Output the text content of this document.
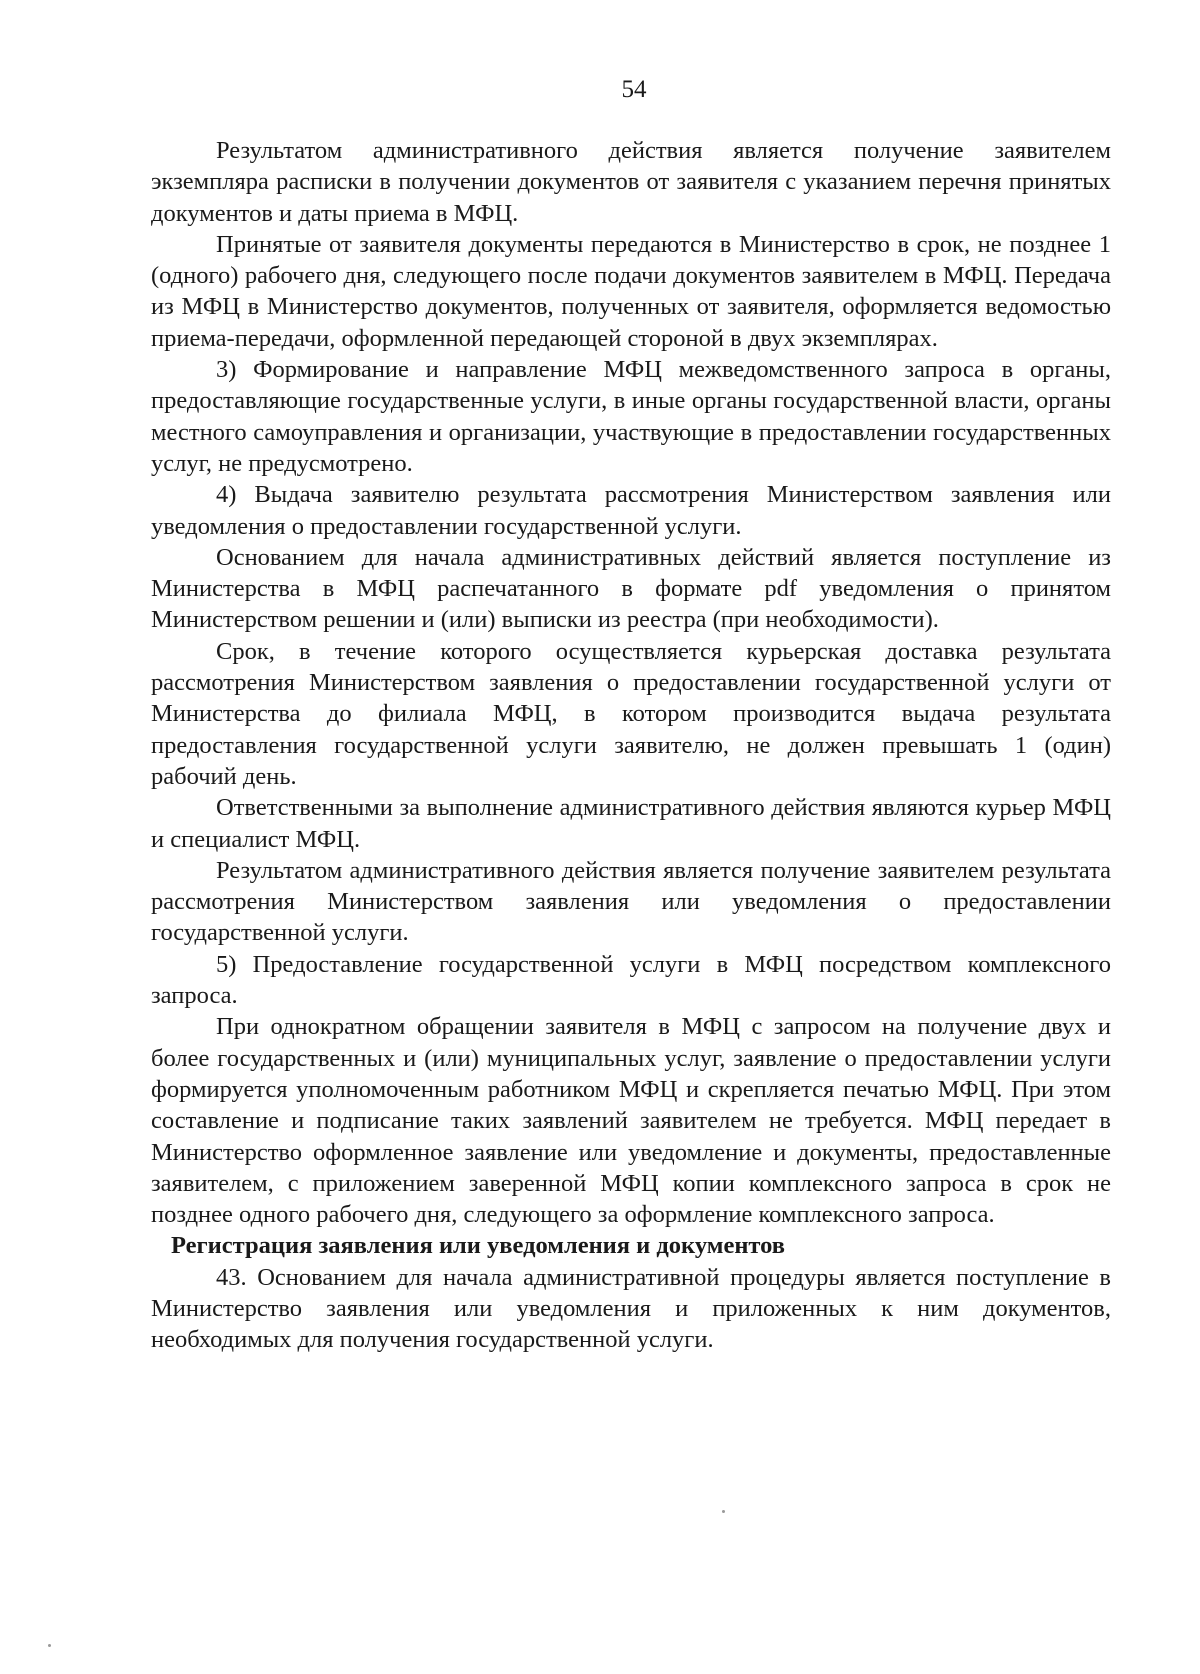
54

Результатом административного действия является получение заявителем экземпляра расписки в получении документов от заявителя с указанием перечня принятых документов и даты приема в МФЦ.

Принятые от заявителя документы передаются в Министерство в срок, не позднее 1 (одного) рабочего дня, следующего после подачи документов заявителем в МФЦ. Передача из МФЦ в Министерство документов, полученных от заявителя, оформляется ведомостью приема-передачи, оформленной передающей стороной в двух экземплярах.

3) Формирование и направление МФЦ межведомственного запроса в органы, предоставляющие государственные услуги, в иные органы государственной власти, органы местного самоуправления и организации, участвующие в предоставлении государственных услуг, не предусмотрено.

4) Выдача заявителю результата рассмотрения Министерством заявления или уведомления о предоставлении государственной услуги.

Основанием для начала административных действий является поступление из Министерства в МФЦ распечатанного в формате pdf уведомления о принятом Министерством решении и (или) выписки из реестра (при необходимости).

Срок, в течение которого осуществляется курьерская доставка результата рассмотрения Министерством заявления о предоставлении государственной услуги от Министерства до филиала МФЦ, в котором производится выдача результата предоставления государственной услуги заявителю, не должен превышать 1 (один) рабочий день.

Ответственными за выполнение административного действия являются курьер МФЦ и специалист МФЦ.

Результатом административного действия является получение заявителем результата рассмотрения Министерством заявления или уведомления о предоставлении государственной услуги.

5) Предоставление государственной услуги в МФЦ посредством комплексного запроса.

При однократном обращении заявителя в МФЦ с запросом на получение двух и более государственных и (или) муниципальных услуг, заявление о предоставлении услуги формируется уполномоченным работником МФЦ и скрепляется печатью МФЦ. При этом составление и подписание таких заявлений заявителем не требуется. МФЦ передает в Министерство оформленное заявление или уведомление и документы, предоставленные заявителем, с приложением заверенной МФЦ копии комплексного запроса в срок не позднее одного рабочего дня, следующего за оформление комплексного запроса.

Регистрация заявления или уведомления и документов

43. Основанием для начала административной процедуры является поступление в Министерство заявления или уведомления и приложенных к ним документов, необходимых для получения государственной услуги.
